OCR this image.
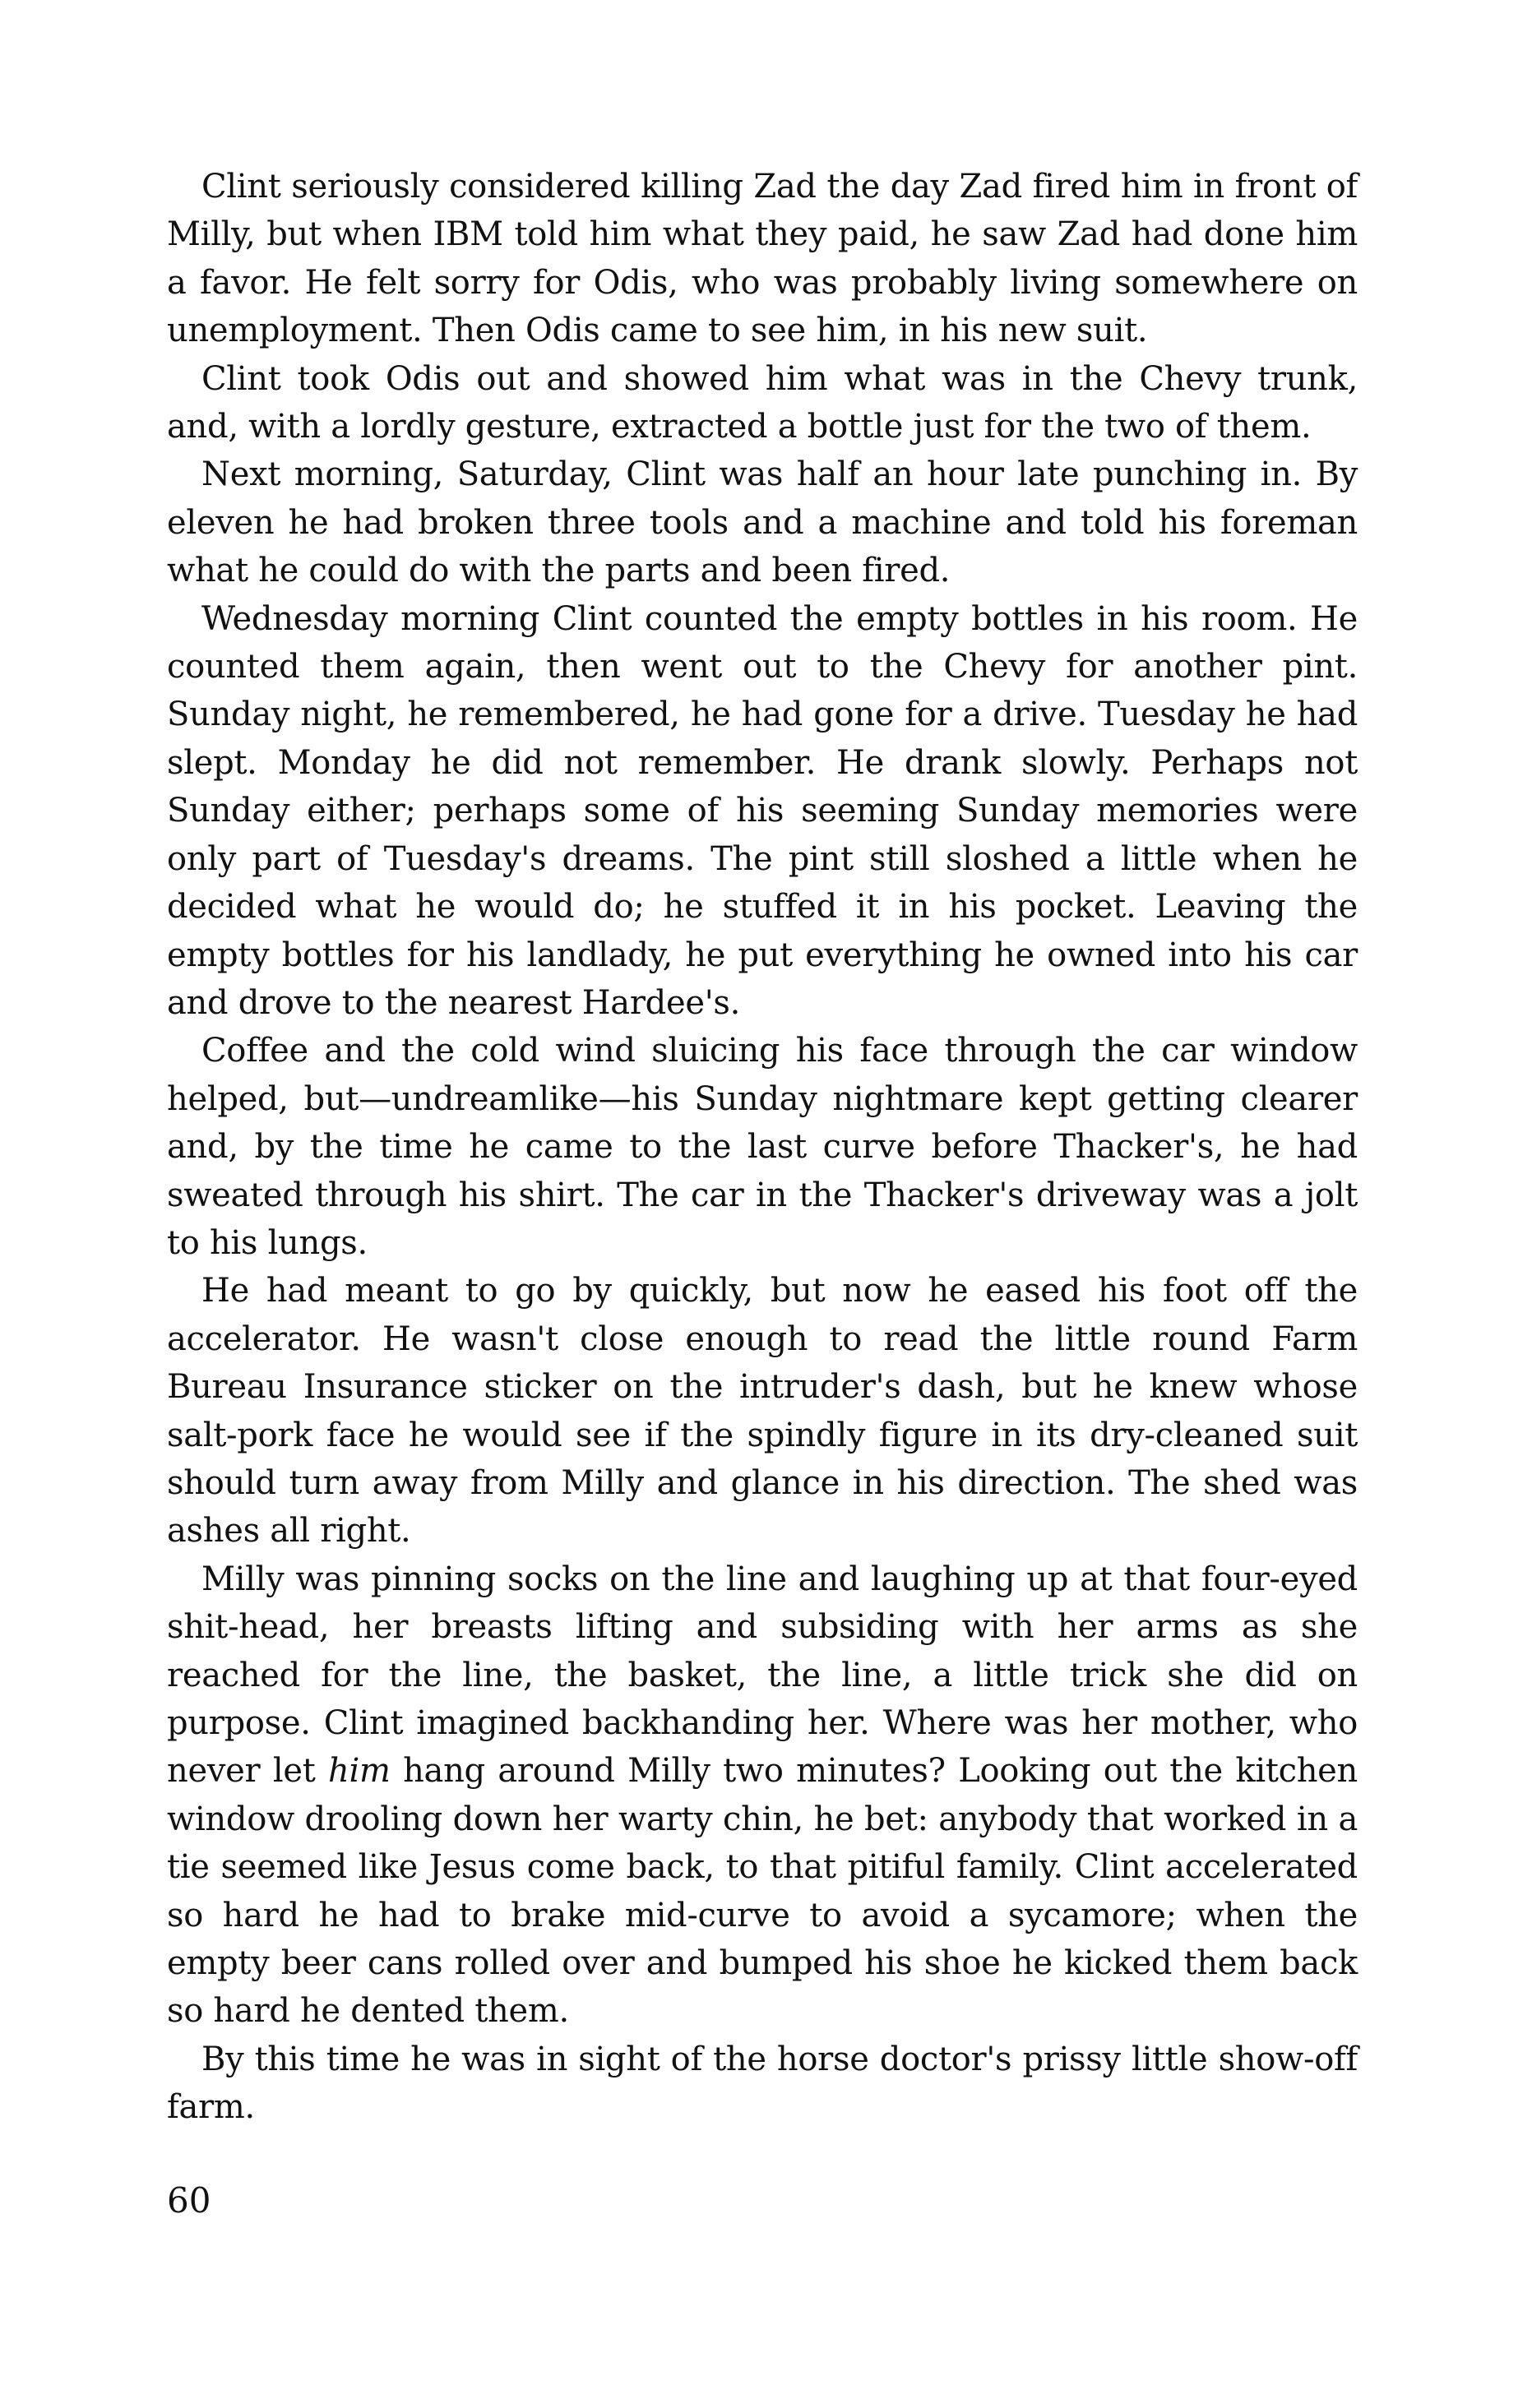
Clint seriously considered killing Zad the day Zad fired him in front of Milly, but when IBM told him what they paid, he saw Zad had done him a favor. He felt sorry for Odis, who was probably living somewhere on unemployment. Then Odis came to see him, in his new suit.

Clint took Odis out and showed him what was in the Chevy trunk, and, with a lordly gesture, extracted a bottle just for the two of them.

Next morning, Saturday, Clint was half an hour late punching in. By eleven he had broken three tools and a machine and told his foreman what he could do with the parts and been fired.

Wednesday morning Clint counted the empty bottles in his room. He counted them again, then went out to the Chevy for another pint. Sunday night, he remembered, he had gone for a drive. Tuesday he had slept. Monday he did not remember. He drank slowly. Perhaps not Sunday either; perhaps some of his seeming Sunday memories were only part of Tuesday's dreams. The pint still sloshed a little when he decided what he would do; he stuffed it in his pocket. Leaving the empty bottles for his landlady, he put everything he owned into his car and drove to the nearest Hardee's.

Coffee and the cold wind sluicing his face through the car window helped, but—undreamlike—his Sunday nightmare kept getting clearer and, by the time he came to the last curve before Thacker's, he had sweated through his shirt. The car in the Thacker's driveway was a jolt to his lungs.

He had meant to go by quickly, but now he eased his foot off the accelerator. He wasn't close enough to read the little round Farm Bureau Insurance sticker on the intruder's dash, but he knew whose salt-pork face he would see if the spindly figure in its dry-cleaned suit should turn away from Milly and glance in his direction. The shed was ashes all right.

Milly was pinning socks on the line and laughing up at that four-eyed shit-head, her breasts lifting and subsiding with her arms as she reached for the line, the basket, the line, a little trick she did on purpose. Clint imagined backhanding her. Where was her mother, who never let him hang around Milly two minutes? Looking out the kitchen window drooling down her warty chin, he bet: anybody that worked in a tie seemed like Jesus come back, to that pitiful family. Clint accelerated so hard he had to brake mid-curve to avoid a sycamore; when the empty beer cans rolled over and bumped his shoe he kicked them back so hard he dented them.

By this time he was in sight of the horse doctor's prissy little show-off farm.

60
